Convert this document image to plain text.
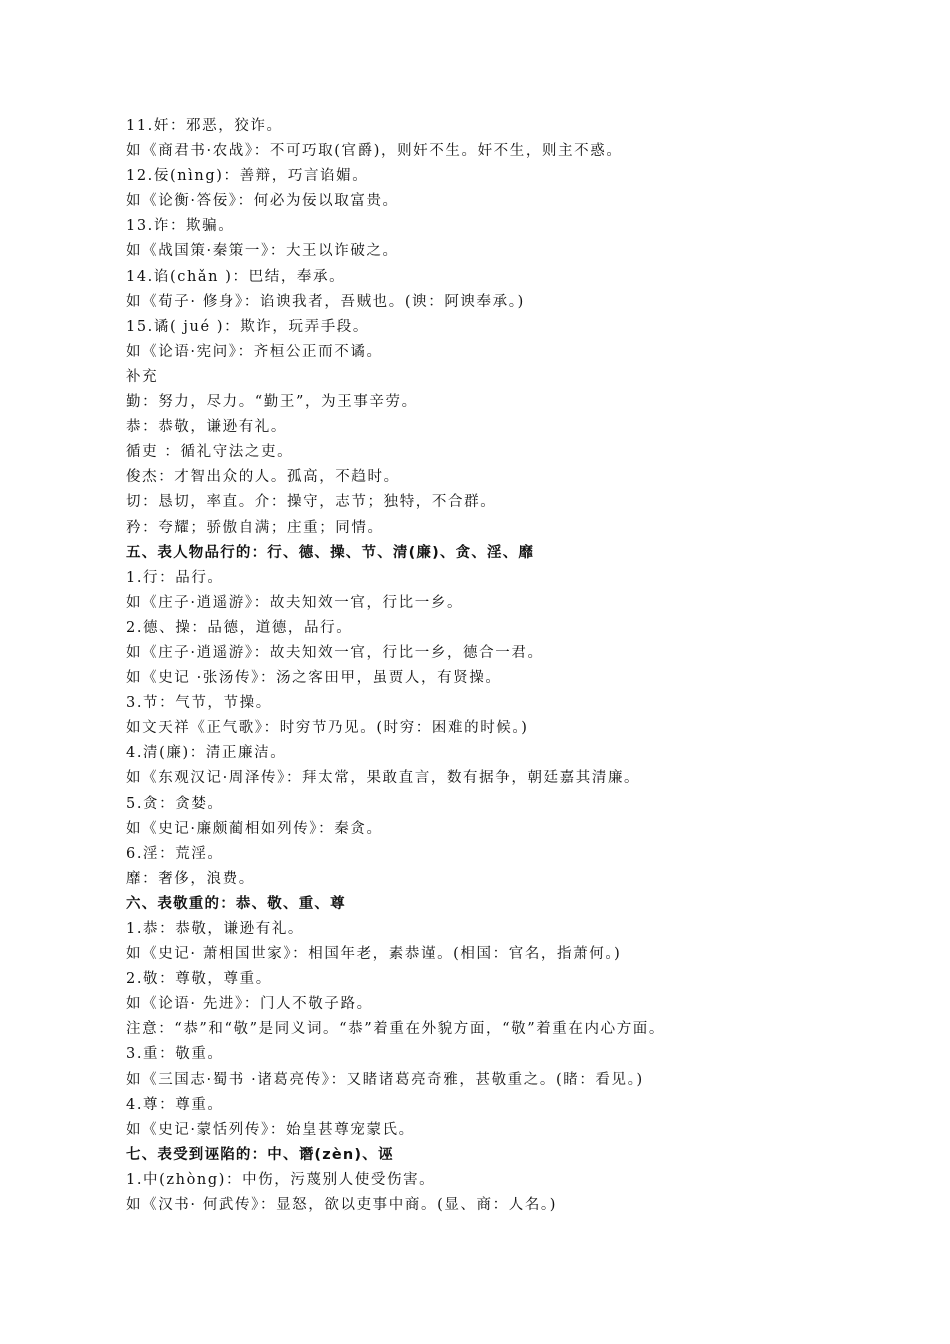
11.奸：邪恶，狡诈。
如《商君书·农战》：不可巧取(官爵)，则奸不生。奸不生，则主不惑。
12.佞(nìng)：善辩，巧言谄媚。
如《论衡·答佞》：何必为佞以取富贵。
13.诈：欺骗。
如《战国策·秦策一》：大王以诈破之。
14.谄(chǎn )：巴结，奉承。
如《荀子· 修身》：谄谀我者，吾贼也。(谀：阿谀奉承。)
15.谲( jué )：欺诈，玩弄手段。
如《论语·宪问》：齐桓公正而不谲。
补充
勤：努力，尽力。“勤王”，为王事辛劳。
恭：恭敬，谦逊有礼。
循吏 ：循礼守法之吏。
俊杰：才智出众的人。孤高，不趋时。
切：恳切，率直。介：操守，志节；独特，不合群。
矜：夸耀；骄傲自满；庄重；同情。
五、表人物品行的：行、德、操、节、清(廉)、贪、淫、靡
1.行：品行。
如《庄子·逍遥游》：故夫知效一官，行比一乡。
2.德、操：品德，道德，品行。
如《庄子·逍遥游》：故夫知效一官，行比一乡，德合一君。
如《史记 ·张汤传》：汤之客田甲，虽贾人，有贤操。
3.节：气节，节操。
如文天祥《正气歌》：时穷节乃见。(时穷：困难的时候。)
4.清(廉)：清正廉洁。
如《东观汉记·周泽传》：拜太常，果敢直言，数有据争，朝廷嘉其清廉。
5.贪：贪婪。
如《史记·廉颇蔺相如列传》：秦贪。
6.淫：荒淫。
靡：奢侈，浪费。
六、表敬重的：恭、敬、重、尊
1.恭：恭敬，谦逊有礼。
如《史记· 萧相国世家》：相国年老，素恭谨。(相国：官名，指萧何。)
2.敬：尊敬，尊重。
如《论语· 先进》：门人不敬子路。
注意：“恭”和“敬”是同义词。“恭”着重在外貌方面，“敬”着重在内心方面。
3.重：敬重。
如《三国志·蜀书 ·诸葛亮传》：又睹诸葛亮奇雅，甚敬重之。(睹：看见。)
4.尊：尊重。
如《史记·蒙恬列传》：始皇甚尊宠蒙氏。
七、表受到诬陷的：中、谮(zèn)、诬
1.中(zhòng)：中伤，污蔑别人使受伤害。
如《汉书· 何武传》：显怒，欲以吏事中商。(显、商：人名。)
